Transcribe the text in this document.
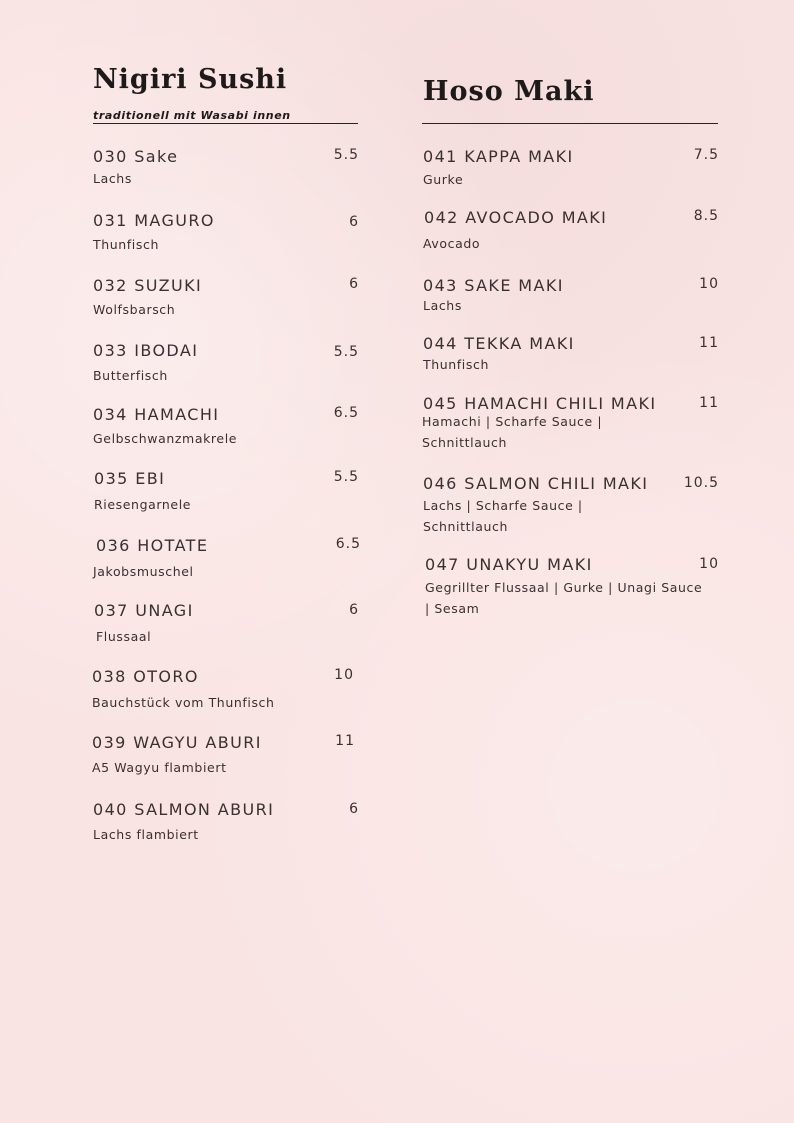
Nigiri Sushi
traditionell mit Wasabi innen
030 Sake	5.5
Lachs
031 MAGURO	6
Thunfisch
032 SUZUKI	6
Wolfsbarsch
033 IBODAI	5.5
Butterfisch
034 HAMACHI	6.5
Gelbschwanzmakrele
035 EBI	5.5
Riesengarnele
036 HOTATE	6.5
Jakobsmuschel
037 UNAGI	6
Flussaal
038 OTORO	10
Bauchstück vom Thunfisch
039 WAGYU ABURI	11
A5 Wagyu flambiert
040 SALMON ABURI	6
Lachs flambiert
Hoso Maki
041 KAPPA MAKI	7.5
Gurke
042 AVOCADO MAKI	8.5
Avocado
043 SAKE MAKI	10
Lachs
044 TEKKA MAKI	11
Thunfisch
045 HAMACHI CHILI MAKI	11
Hamachi | Scharfe Sauce | Schnittlauch
046 SALMON CHILI MAKI	10.5
Lachs | Scharfe Sauce | Schnittlauch
047 UNAKYU MAKI	10
Gegrillter Flussaal | Gurke | Unagi Sauce | Sesam
